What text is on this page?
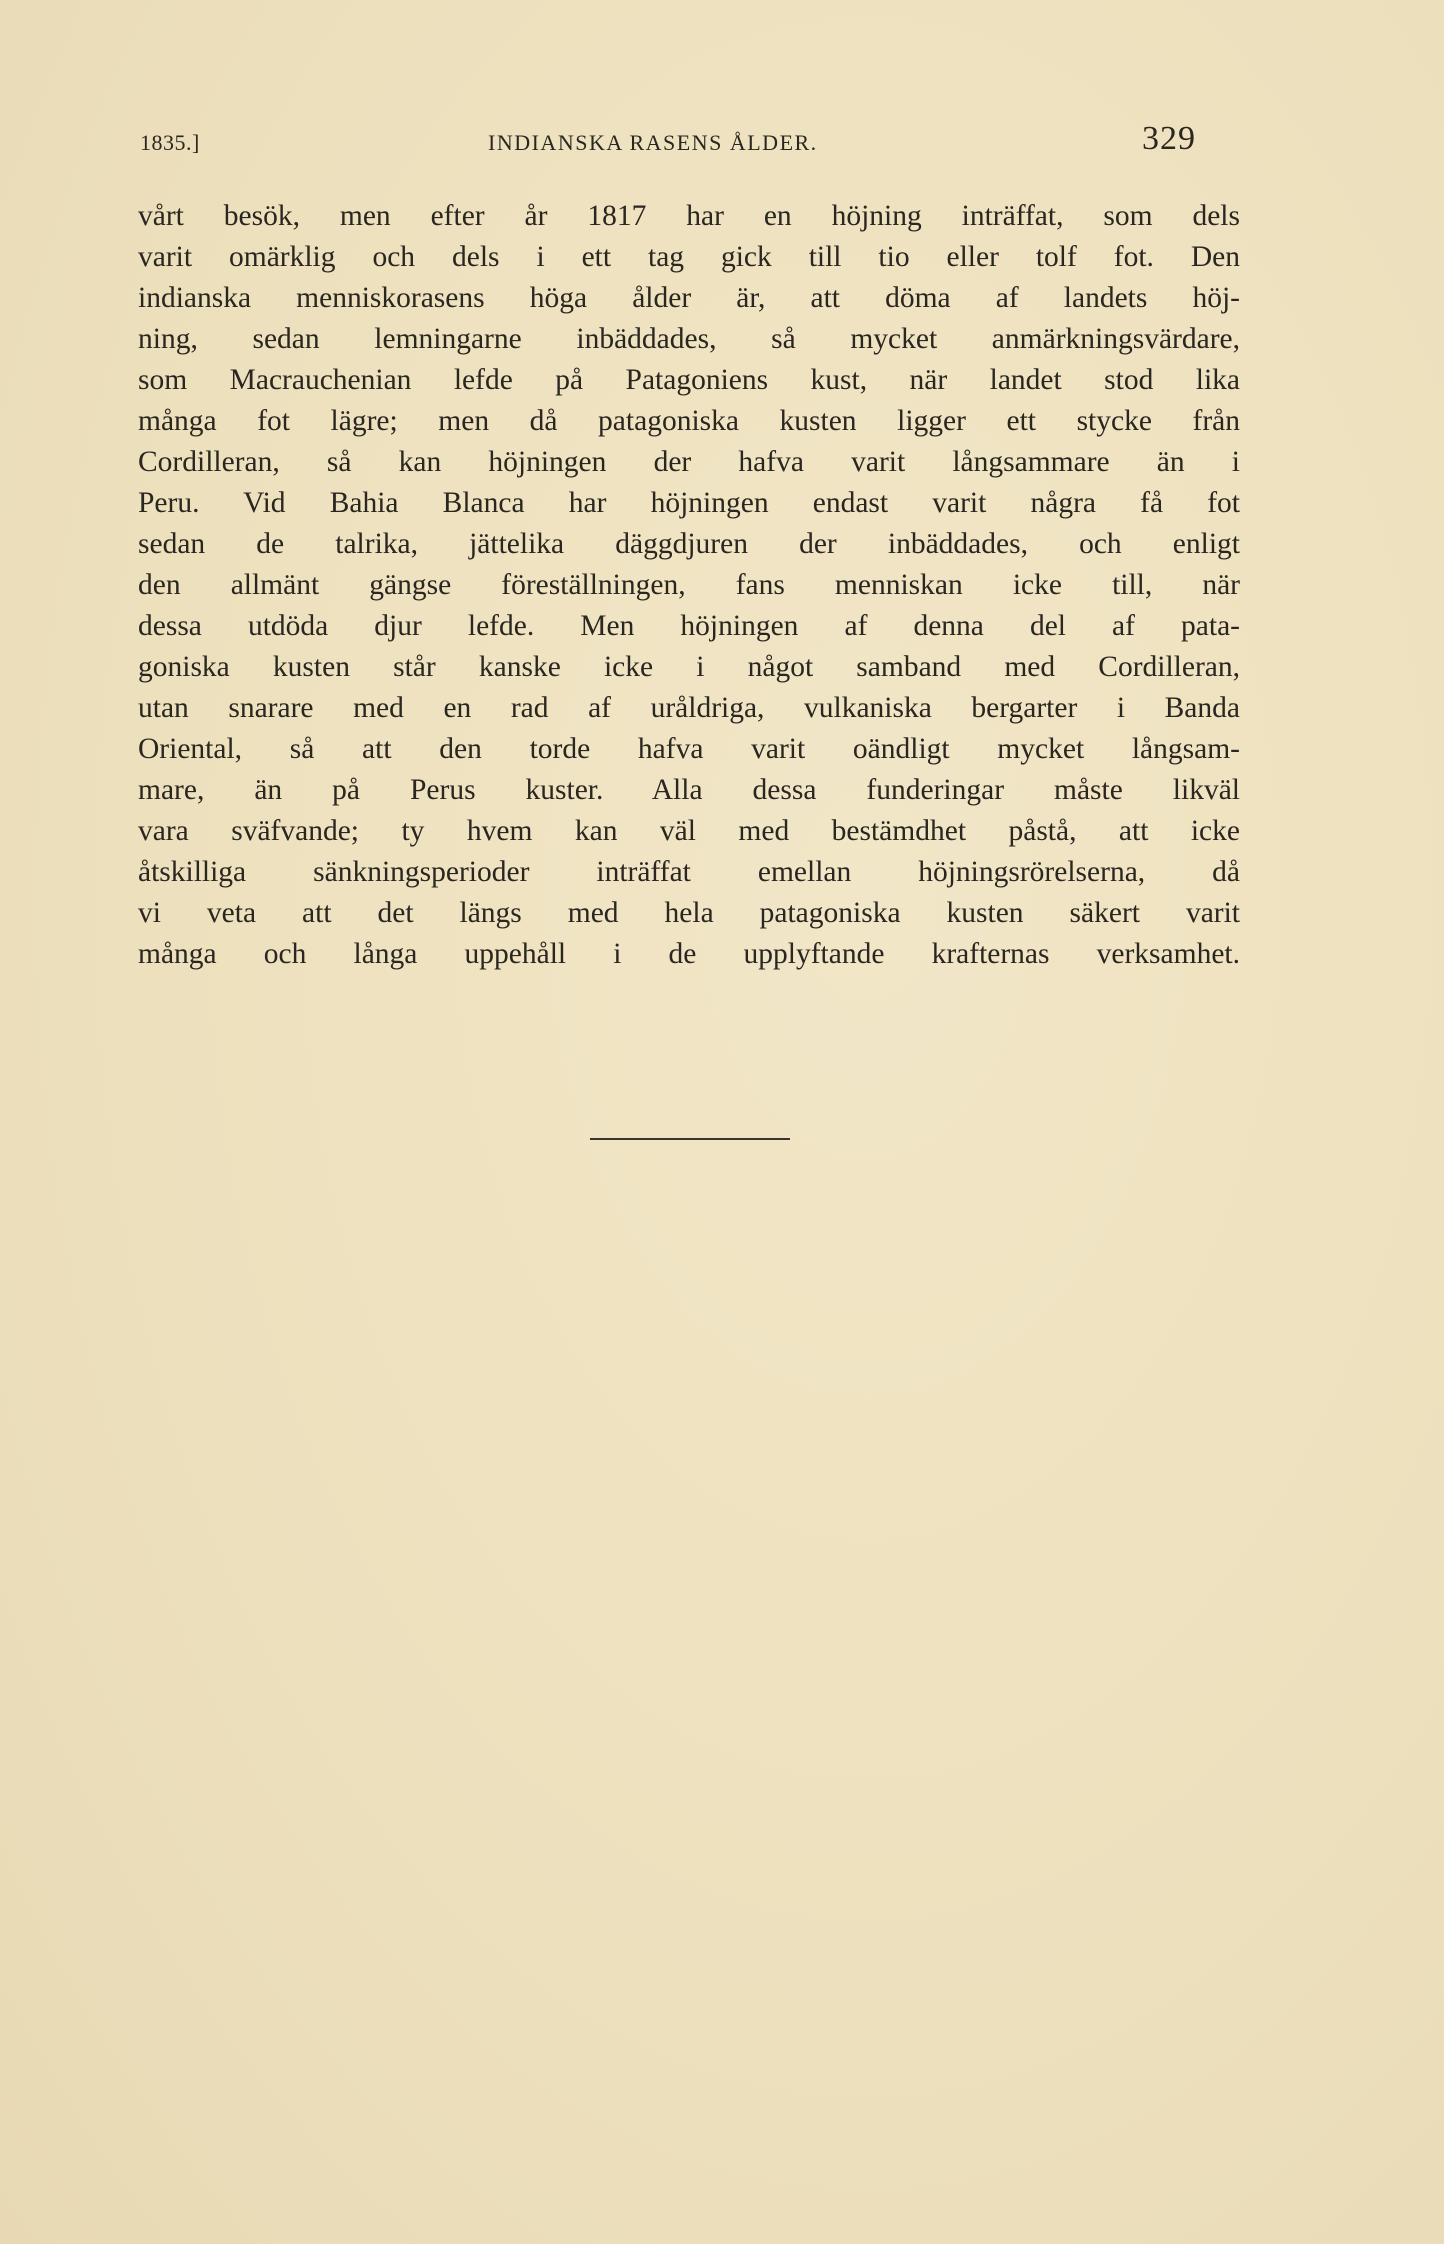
1835.]	INDIANSKA RASENS ÅLDER.	329
vårt besök, men efter år 1817 har en höjning inträffat, som dels
varit omärklig och dels i ett tag gick till tio eller tolf fot. Den
indianska menniskorasens höga ålder är, att döma af landets höj-
ning, sedan lemningarne inbäddades, så mycket anmärkningsvärdare,
som Macrauchenian lefde på Patagoniens kust, när landet stod lika
många fot lägre; men då patagoniska kusten ligger ett stycke från
Cordilleran, så kan höjningen der hafva varit långsammare än i
Peru. Vid Bahia Blanca har höjningen endast varit några få fot
sedan de talrika, jättelika däggdjuren der inbäddades, och enligt
den allmänt gängse föreställningen, fans menniskan icke till, när
dessa utdöda djur lefde. Men höjningen af denna del af pata-
goniska kusten står kanske icke i något samband med Cordilleran,
utan snarare med en rad af uråldriga, vulkaniska bergarter i Banda
Oriental, så att den torde hafva varit oändligt mycket långsam-
mare, än på Perus kuster. Alla dessa funderingar måste likväl
vara sväfvande; ty hvem kan väl med bestämdhet påstå, att icke
åtskilliga sänkningsperioder inträffat emellan höjningsrörelserna, då
vi veta att det längs med hela patagoniska kusten säkert varit
många och långa uppehåll i de upplyftande krafternas verksamhet.
